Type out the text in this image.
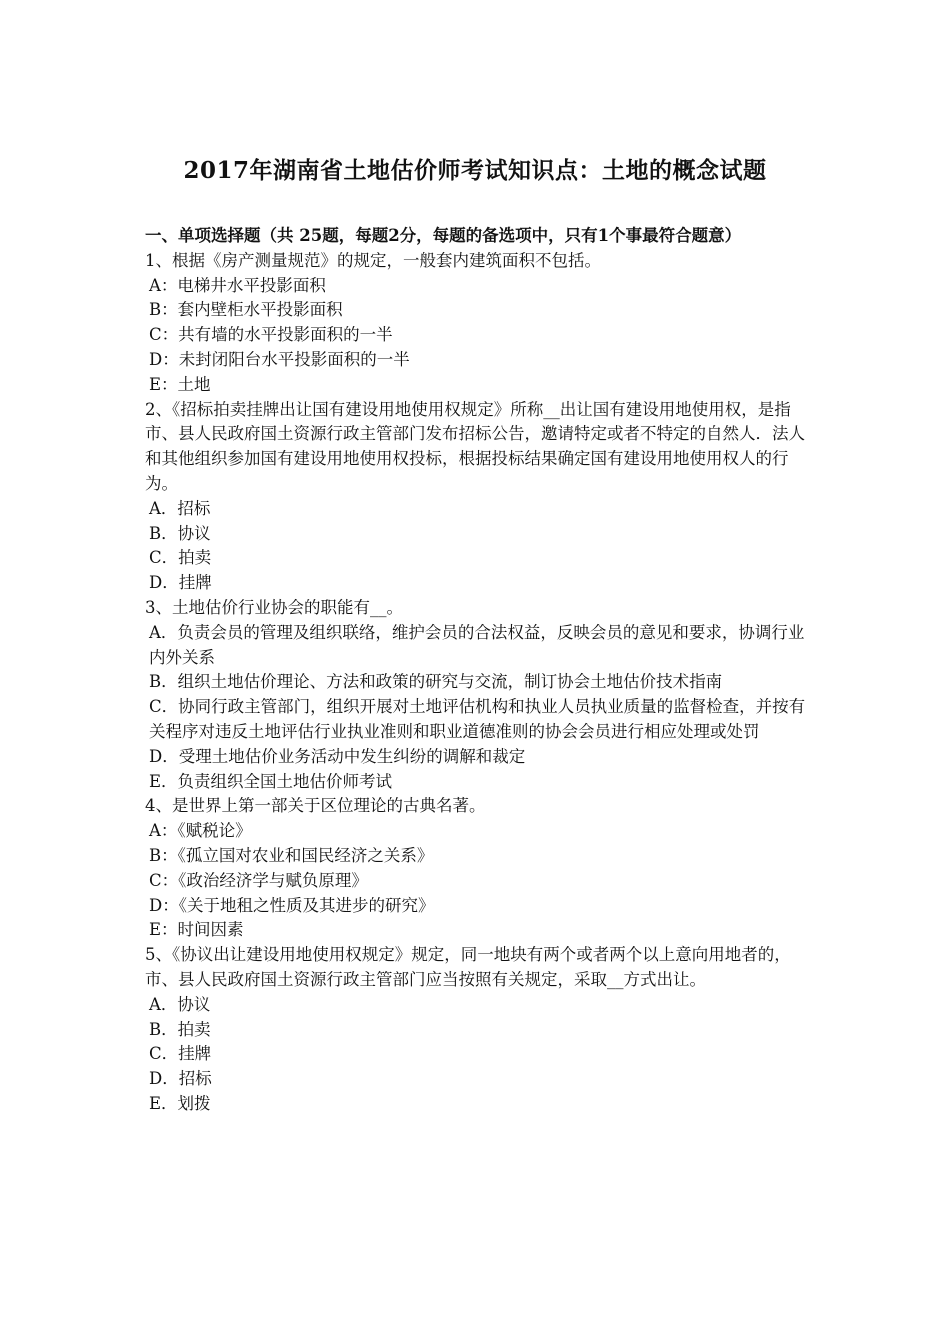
2017年湖南省土地估价师考试知识点：土地的概念试题
一、单项选择题（共 25题，每题2分，每题的备选项中，只有1个事最符合题意）

1、根据《房产测量规范》的规定，一般套内建筑面积不包括。

A：电梯井水平投影面积

B：套内壁柜水平投影面积

C：共有墙的水平投影面积的一半

D：未封闭阳台水平投影面积的一半

E：土地

2、《招标拍卖挂牌出让国有建设用地使用权规定》所称__出让国有建设用地使用权，是指市、县人民政府国土资源行政主管部门发布招标公告，邀请特定或者不特定的自然人．法人和其他组织参加国有建设用地使用权投标，根据投标结果确定国有建设用地使用权人的行为。

A．招标

B．协议

C．拍卖

D．挂牌

3、土地估价行业协会的职能有__。

A．负责会员的管理及组织联络，维护会员的合法权益，反映会员的意见和要求，协调行业内外关系

B．组织土地估价理论、方法和政策的研究与交流，制订协会土地估价技术指南

C．协同行政主管部门，组织开展对土地评估机构和执业人员执业质量的监督检查，并按有关程序对违反土地评估行业执业准则和职业道德准则的协会会员进行相应处理或处罚

D．受理土地估价业务活动中发生纠纷的调解和裁定

E．负责组织全国土地估价师考试

4、是世界上第一部关于区位理论的古典名著。

A：《赋税论》

B：《孤立国对农业和国民经济之关系》

C：《政治经济学与赋负原理》

D：《关于地租之性质及其进步的研究》

E：时间因素

5、《协议出让建设用地使用权规定》规定，同一地块有两个或者两个以上意向用地者的，市、县人民政府国土资源行政主管部门应当按照有关规定，采取__方式出让。

A．协议

B．拍卖

C．挂牌

D．招标

E．划拨
